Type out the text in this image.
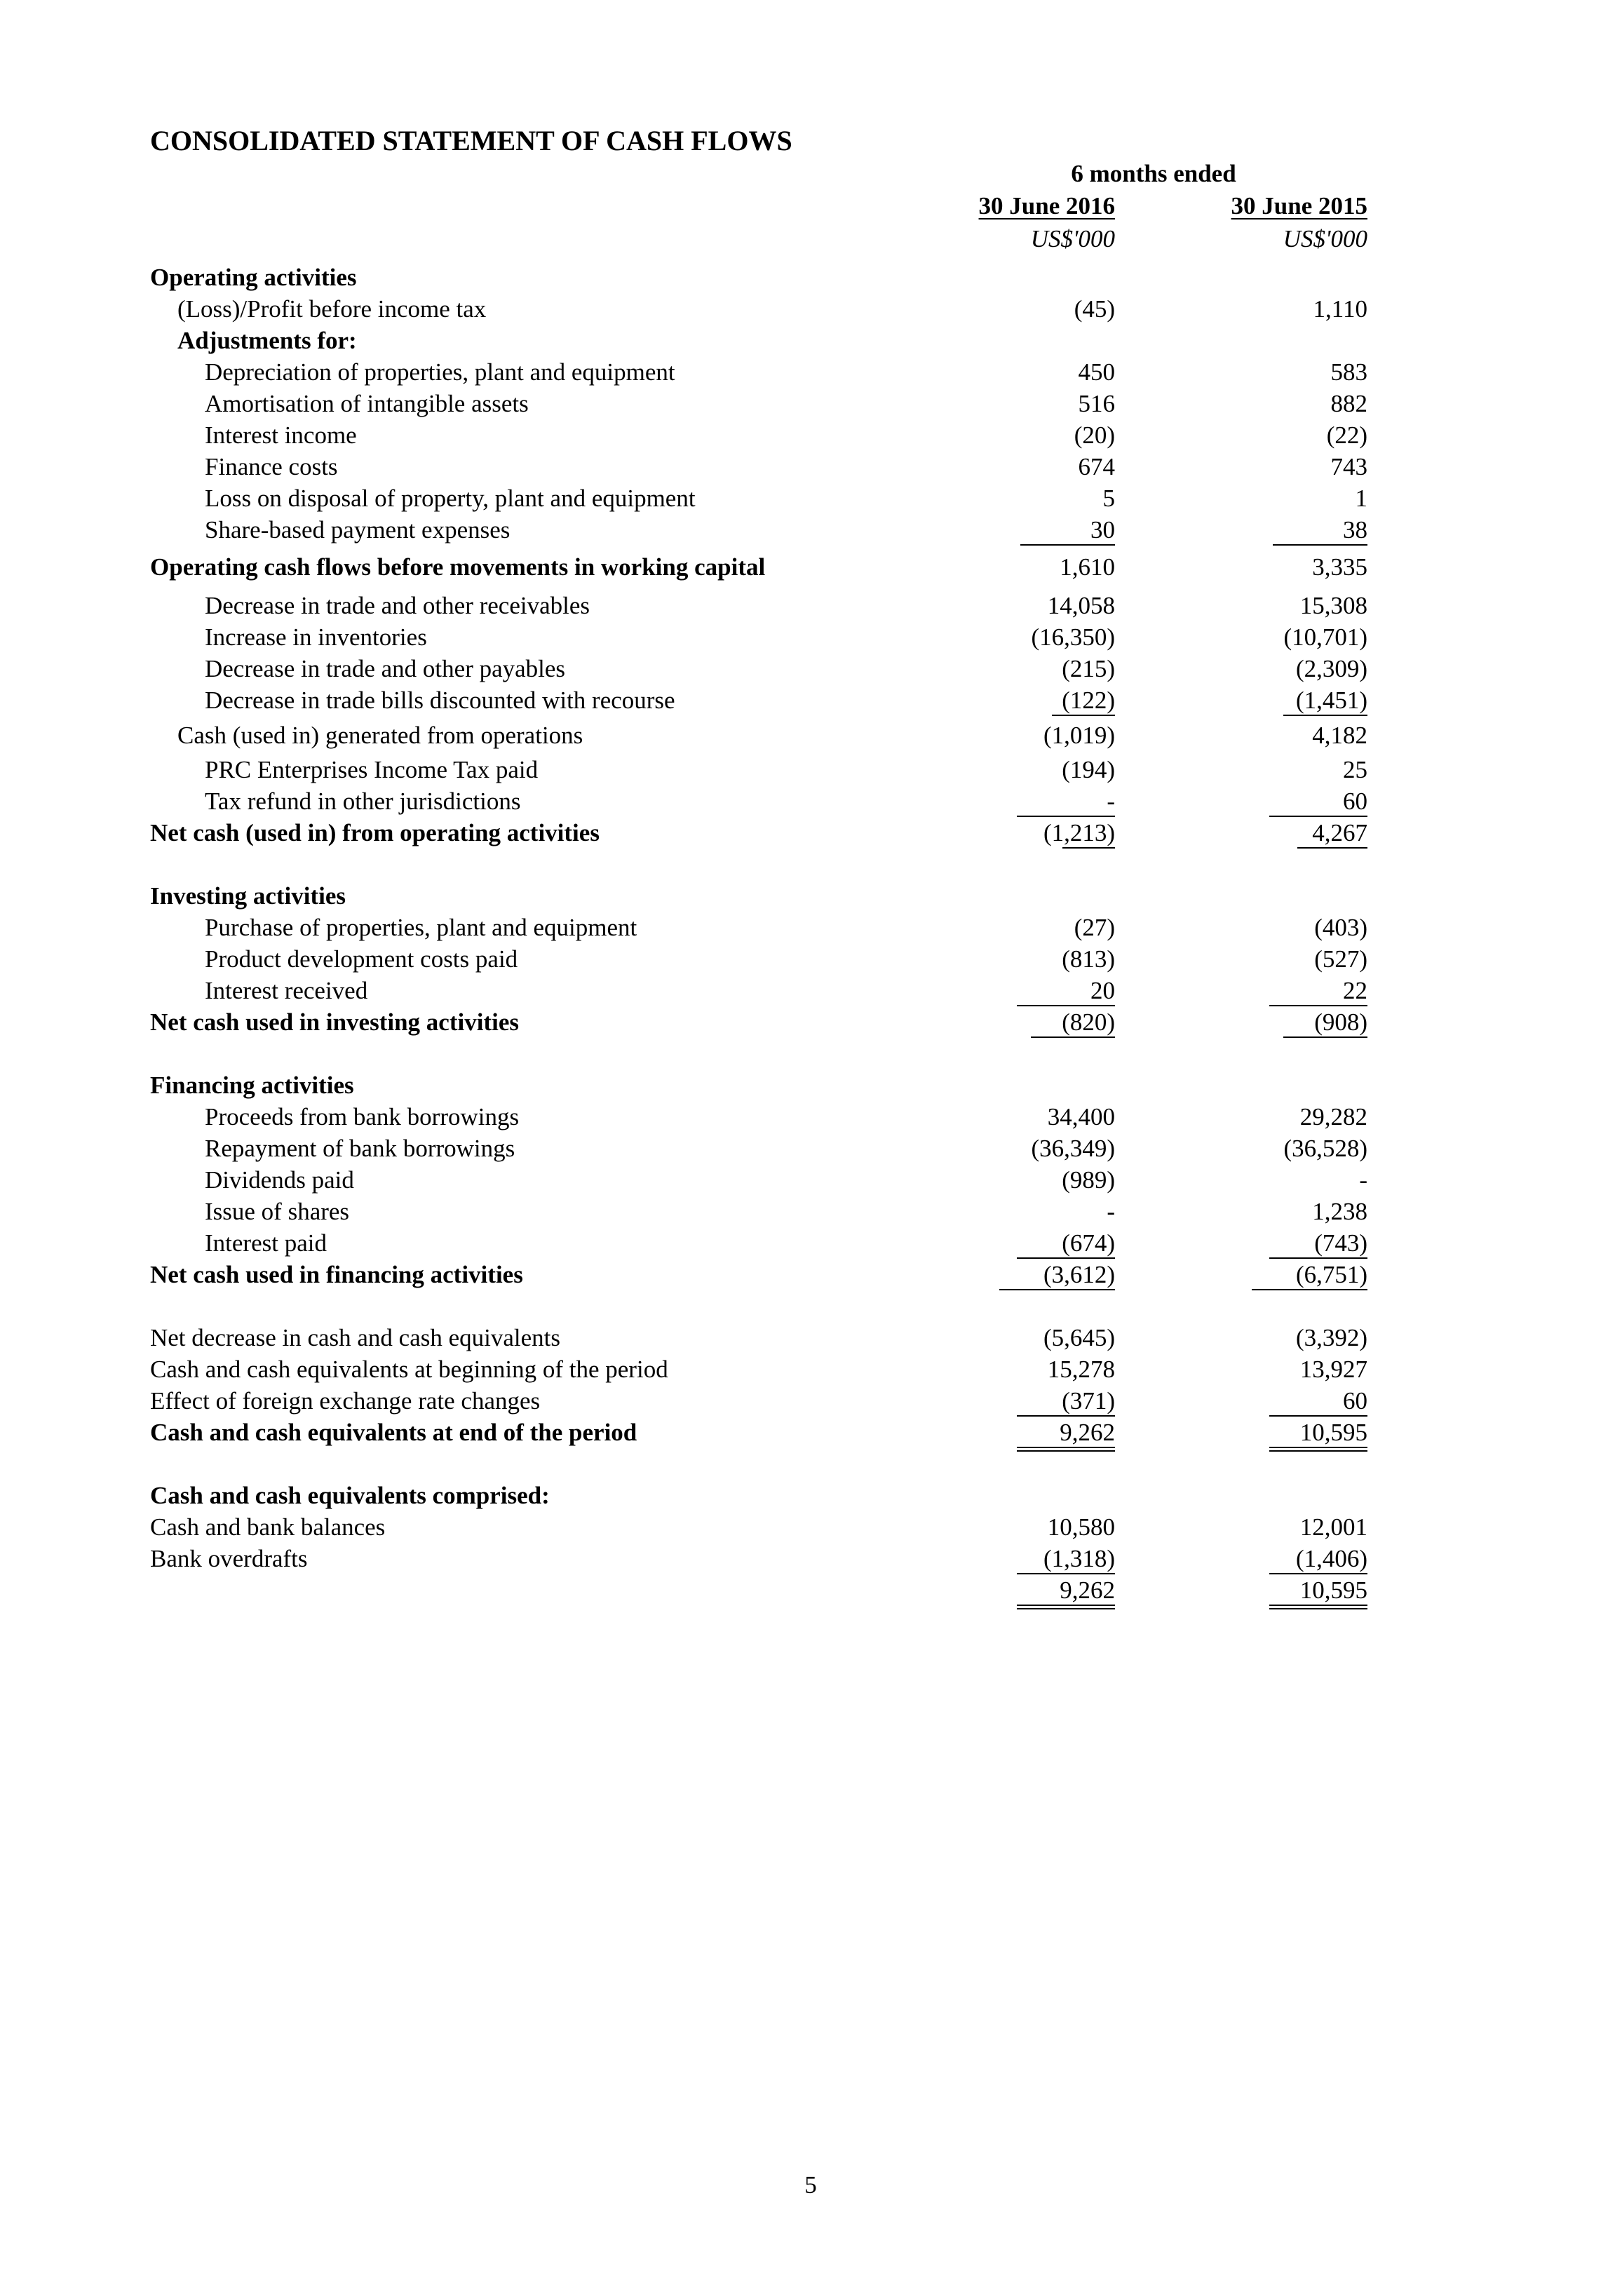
CONSOLIDATED STATEMENT OF CASH FLOWS
6 months ended
30 June 2016	30 June 2015
US$'000	US$'000
Operating activities
(Loss)/Profit before income tax	(45)	1,110
Adjustments for:
Depreciation of properties, plant and equipment	450	583
Amortisation of intangible assets	516	882
Interest income	(20)	(22)
Finance costs	674	743
Loss on disposal of property, plant and equipment	5	1
Share-based payment expenses	30	38
Operating cash flows before movements in working capital	1,610	3,335
Decrease in trade and other receivables	14,058	15,308
Increase in inventories	(16,350)	(10,701)
Decrease in trade and other payables	(215)	(2,309)
Decrease in trade bills discounted with recourse	(122)	(1,451)
Cash (used in) generated from operations	(1,019)	4,182
PRC Enterprises Income Tax paid	(194)	25
Tax refund in other jurisdictions	-	60
Net cash (used in) from operating activities	(1,213)	4,267
Investing activities
Purchase of properties, plant and equipment	(27)	(403)
Product development costs paid	(813)	(527)
Interest received	20	22
Net cash used in investing activities	(820)	(908)
Financing activities
Proceeds from bank borrowings	34,400	29,282
Repayment of bank borrowings	(36,349)	(36,528)
Dividends paid	(989)	-
Issue of shares	-	1,238
Interest paid	(674)	(743)
Net cash used in financing activities	(3,612)	(6,751)
Net decrease in cash and cash equivalents	(5,645)	(3,392)
Cash and cash equivalents at beginning of the period	15,278	13,927
Effect of foreign exchange rate changes	(371)	60
Cash and cash equivalents at end of the period	9,262	10,595
Cash and cash equivalents comprised:
Cash and bank balances	10,580	12,001
Bank overdrafts	(1,318)	(1,406)
9,262	10,595
5
